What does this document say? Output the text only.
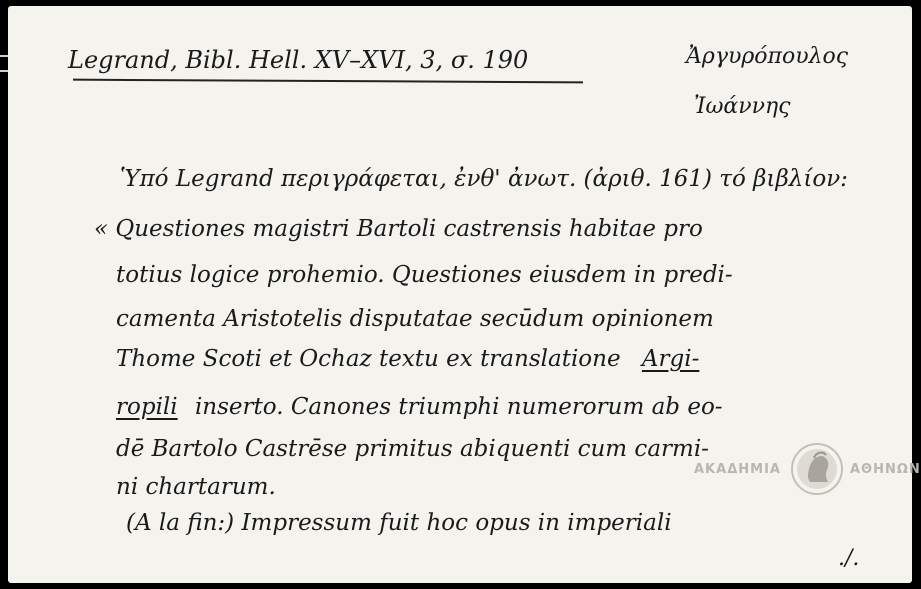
Legrand, Bibl. Hell. XV–XVI, 3, σ. 190	Ἀργυρόπουλος
Ἰωάννης
Ὑπό Legrand περιγράφεται, ἐνθ' ἀνωτ. (ἀριθ. 161) τό βιβλίον:
« Questiones magistri Bartoli castrensis habitae pro
totius logice prohemio. Questiones eiusdem in predi-
camenta Aristotelis disputatae secūdum opinionem
Thome Scoti et Ochaz textu ex translatione Argi-
ropili inserto. Canones triumphi numerorum ab eo-
dē Bartolo Castrēse primitus abiquenti cum carmi-
ni chartarum.
(A la fin:) Impressum fuit hoc opus in imperiali
./.
ΑΚΑΔΗΜΙΑ	ΑΘΗΝΩΝ
